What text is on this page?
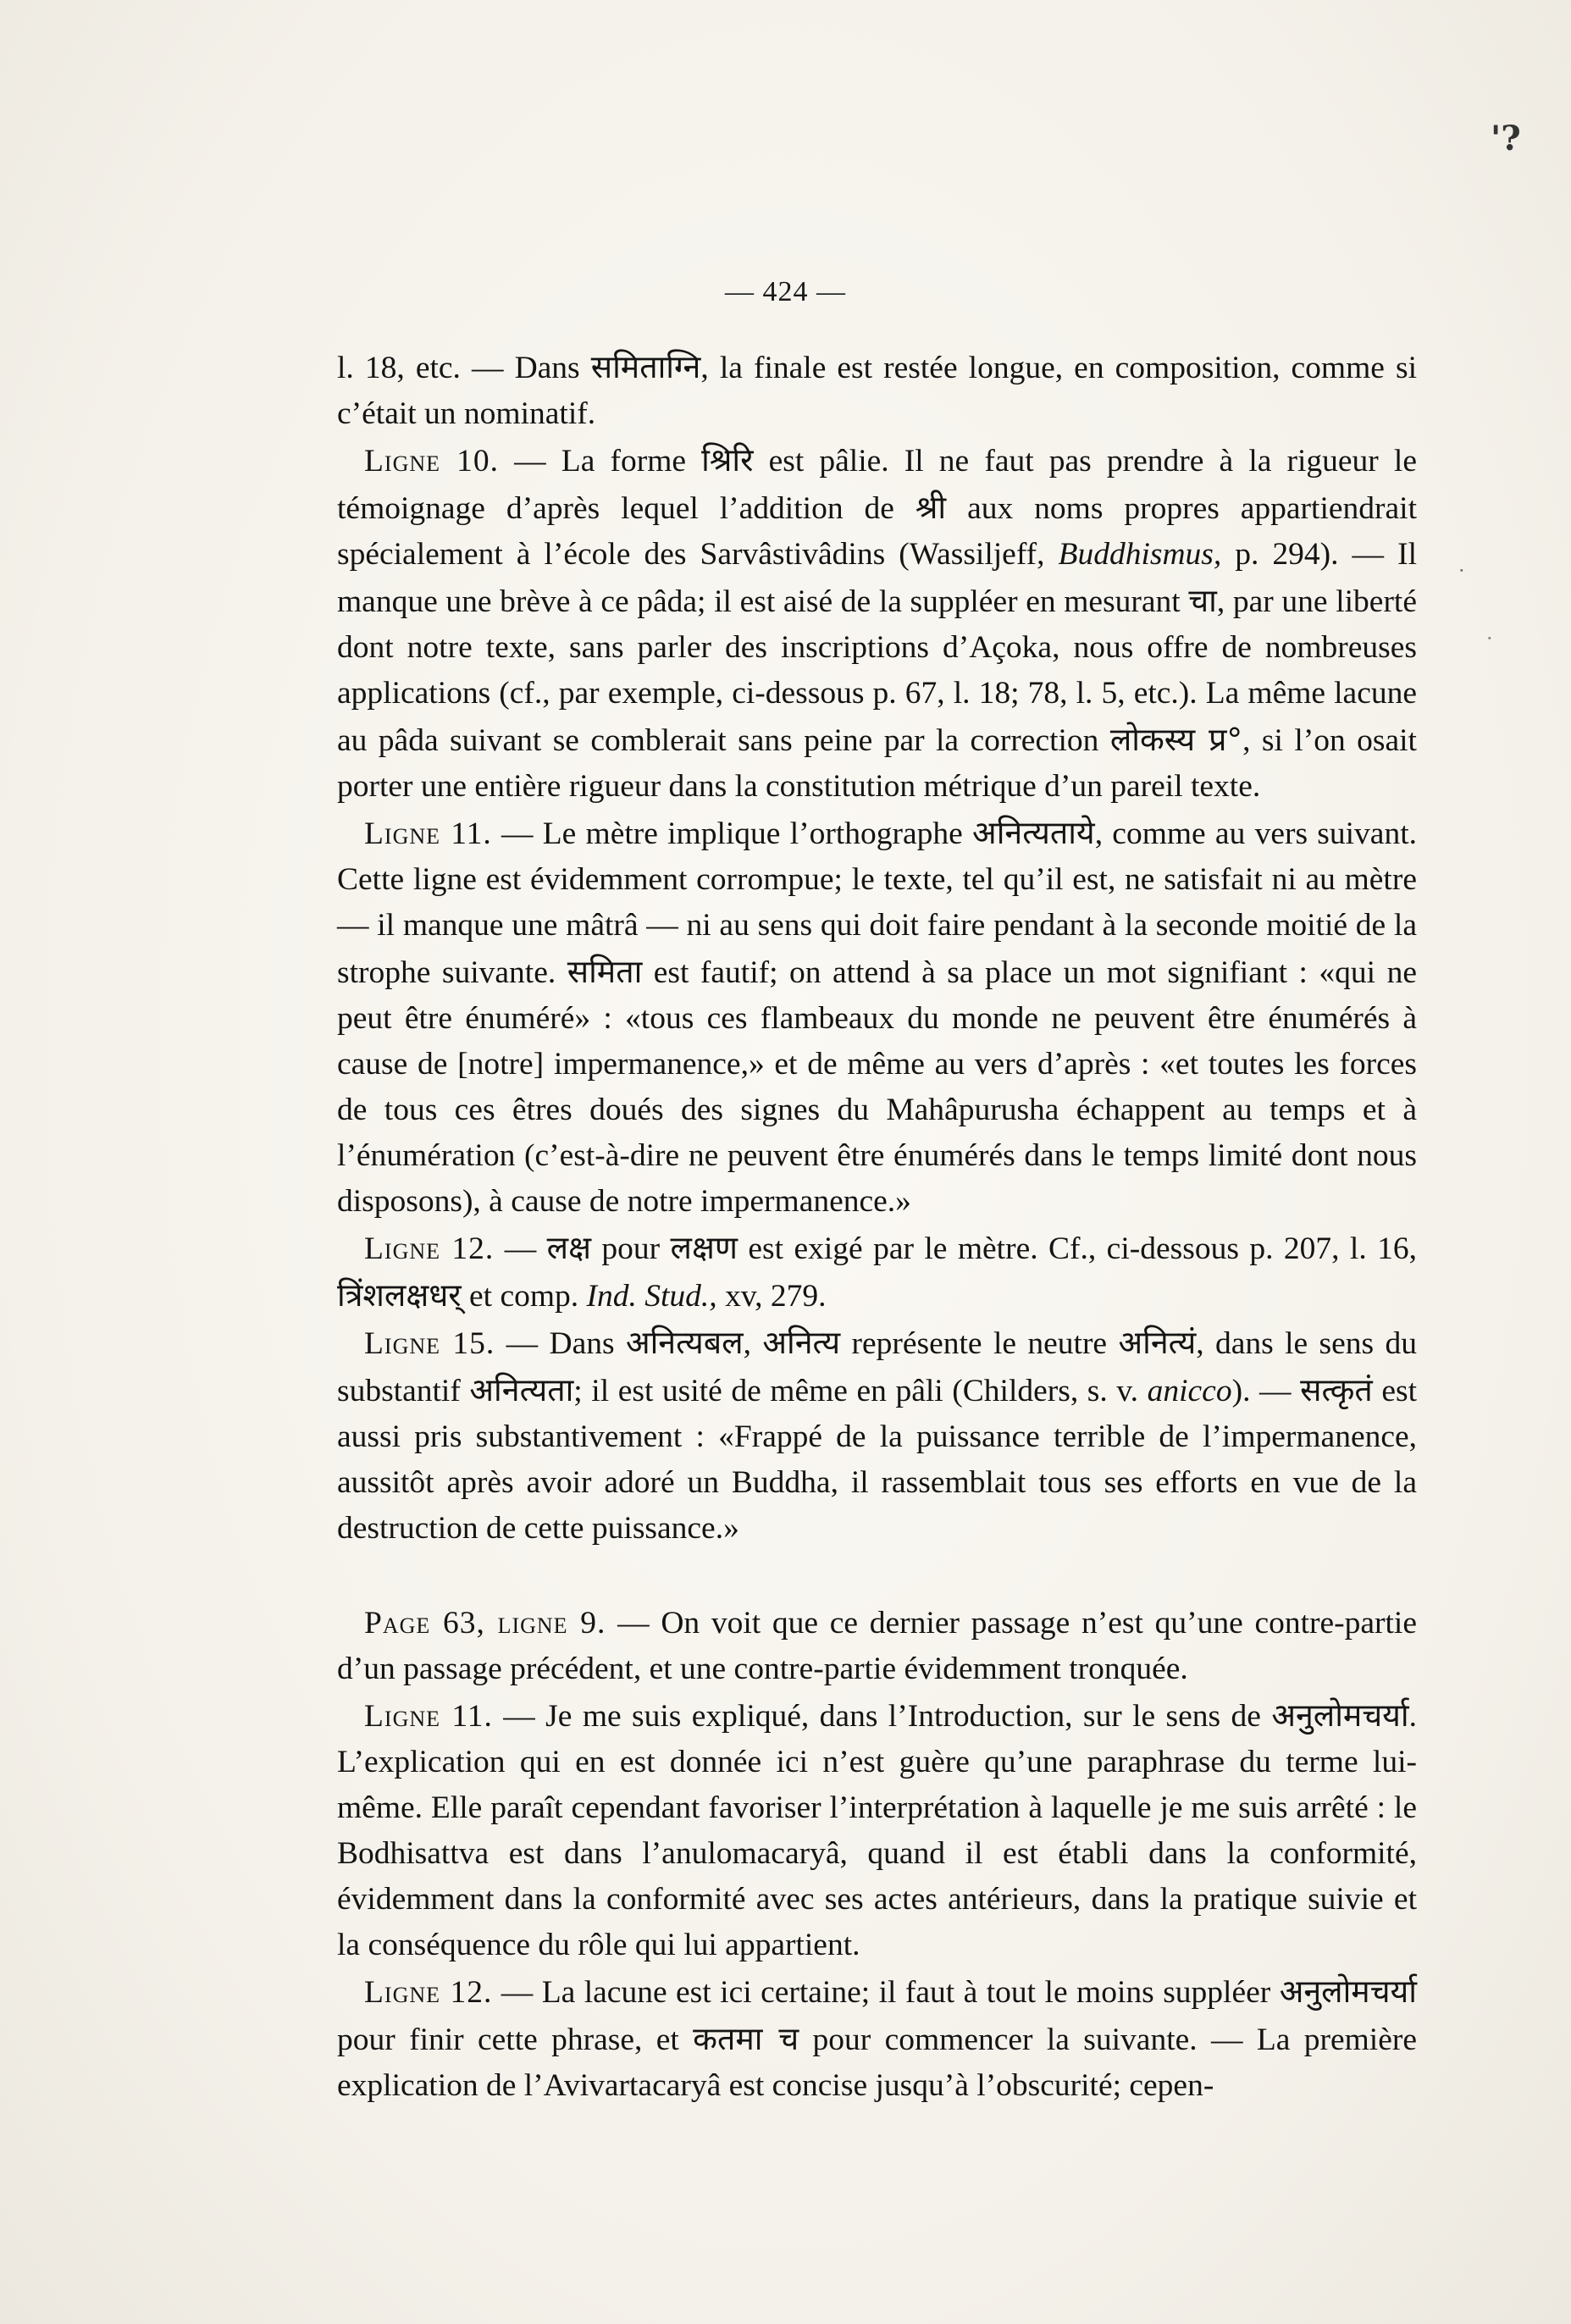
'?
·
·
— 424 —

l. 18, etc. — Dans समिताग्नि, la finale est restée longue, en composition, comme si c’était un nominatif.

Ligne 10. — La forme श्रिरि est pâlie. Il ne faut pas prendre à la rigueur le témoignage d’après lequel l’addition de श्री aux noms propres appartiendrait spécialement à l’école des Sarvâstivâdins (Wassiljeff, Buddhismus, p. 294). — Il manque une brève à ce pâda; il est aisé de la suppléer en mesurant चा, par une liberté dont notre texte, sans parler des inscriptions d’Açoka, nous offre de nombreuses applications (cf., par exemple, ci-dessous p. 67, l. 18; 78, l. 5, etc.). La même lacune au pâda suivant se comblerait sans peine par la correction लोकस्य प्र°, si l’on osait porter une entière rigueur dans la constitution métrique d’un pareil texte.

Ligne 11. — Le mètre implique l’orthographe अनित्यताये, comme au vers suivant. Cette ligne est évidemment corrompue; le texte, tel qu’il est, ne satisfait ni au mètre — il manque une mâtrâ — ni au sens qui doit faire pendant à la seconde moitié de la strophe suivante. समिता est fautif; on attend à sa place un mot signifiant : «qui ne peut être énuméré» : «tous ces flambeaux du monde ne peuvent être énumérés à cause de [notre] impermanence,» et de même au vers d’après : «et toutes les forces de tous ces êtres doués des signes du Mahâpurusha échappent au temps et à l’énumération (c’est-à-dire ne peuvent être énumérés dans le temps limité dont nous disposons), à cause de notre impermanence.»

Ligne 12. — लक्ष pour लक्षण est exigé par le mètre. Cf., ci-dessous p. 207, l. 16, त्रिंशलक्षधर् et comp. Ind. Stud., xv, 279.

Ligne 15. — Dans अनित्यबल, अनित्य représente le neutre अनित्यं, dans le sens du substantif अनित्यता; il est usité de même en pâli (Childers, s. v. anicco). — सत्कृतं est aussi pris substantivement : «Frappé de la puissance terrible de l’impermanence, aussitôt après avoir adoré un Buddha, il rassemblait tous ses efforts en vue de la destruction de cette puissance.»

Page 63, ligne 9. — On voit que ce dernier passage n’est qu’une contre-partie d’un passage précédent, et une contre-partie évidemment tronquée.

Ligne 11. — Je me suis expliqué, dans l’Introduction, sur le sens de अनुलोमचर्या. L’explication qui en est donnée ici n’est guère qu’une paraphrase du terme lui-même. Elle paraît cependant favoriser l’interprétation à laquelle je me suis arrêté : le Bodhisattva est dans l’anulomacaryâ, quand il est établi dans la conformité, évidemment dans la conformité avec ses actes antérieurs, dans la pratique suivie et la conséquence du rôle qui lui appartient.

Ligne 12. — La lacune est ici certaine; il faut à tout le moins suppléer अनुलोमचर्या pour finir cette phrase, et कतमा च pour commencer la suivante. — La première explication de l’Avivartacaryâ est concise jusqu’à l’obscurité; cepen-
